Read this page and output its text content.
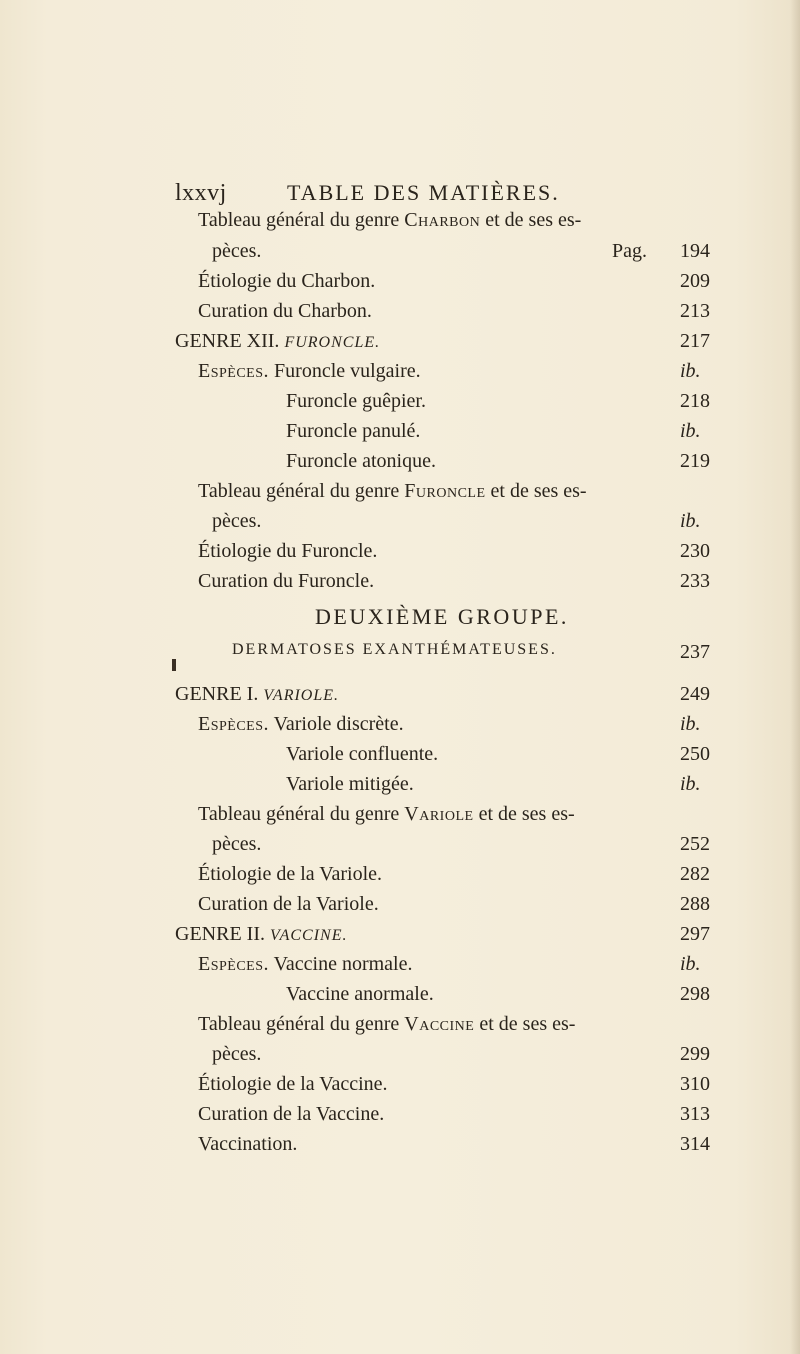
lxxvj	TABLE DES MATIÈRES.
Tableau général du genre Charbon et de ses es-
pèces.	Pag. 194
Étiologie du Charbon.	209
Curation du Charbon.	213
GENRE XII. FURONCLE.	217
Espèces. Furoncle vulgaire.	ib.
Furoncle guêpier.	218
Furoncle panulé.	ib.
Furoncle atonique.	219
Tableau général du genre Furoncle et de ses es-
pèces.	ib.
Étiologie du Furoncle.	230
Curation du Furoncle.	233
DEUXIÈME GROUPE.
DERMATOSES EXANTHÉMATEUSES.	237
GENRE I. VARIOLE.	249
Espèces. Variole discrète.	ib.
Variole confluente.	250
Variole mitigée.	ib.
Tableau général du genre Variole et de ses es-
pèces.	252
Étiologie de la Variole.	282
Curation de la Variole.	288
GENRE II. VACCINE.	297
Espèces. Vaccine normale.	ib.
Vaccine anormale.	298
Tableau général du genre Vaccine et de ses es-
pèces.	299
Étiologie de la Vaccine.	310
Curation de la Vaccine.	313
Vaccination.	314
